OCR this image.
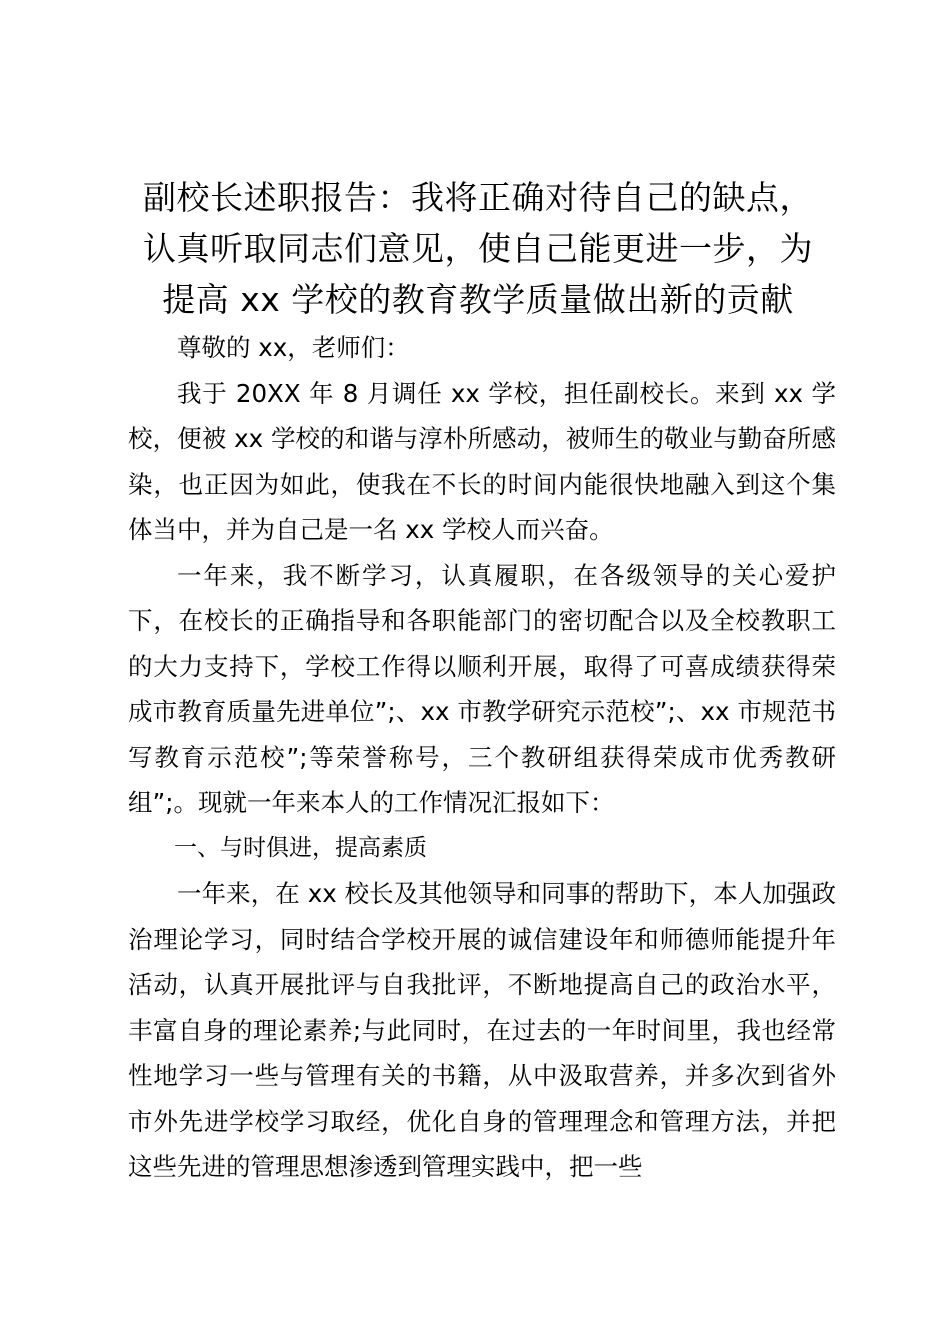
副校长述职报告：我将正确对待自己的缺点，
认真听取同志们意见，使自己能更进一步，为
提高 xx 学校的教育教学质量做出新的贡献

尊敬的 xx，老师们：

我于 20XX 年 8 月调任 xx 学校，担任副校长。来到 xx 学校，便被 xx 学校的和谐与淳朴所感动，被师生的敬业与勤奋所感染，也正因为如此，使我在不长的时间内能很快地融入到这个集体当中，并为自己是一名 xx 学校人而兴奋。

一年来，我不断学习，认真履职，在各级领导的关心爱护下，在校长的正确指导和各职能部门的密切配合以及全校教职工的大力支持下，学校工作得以顺利开展，取得了可喜成绩获得荣成市教育质量先进单位”;、xx 市教学研究示范校”;、xx 市规范书写教育示范校”;等荣誉称号，三个教研组获得荣成市优秀教研组”;。现就一年来本人的工作情况汇报如下：

一、与时俱进，提高素质

一年来，在 xx 校长及其他领导和同事的帮助下，本人加强政治理论学习，同时结合学校开展的诚信建设年和师德师能提升年活动，认真开展批评与自我批评，不断地提高自己的政治水平，丰富自身的理论素养;与此同时，在过去的一年时间里，我也经常性地学习一些与管理有关的书籍，从中汲取营养，并多次到省外市外先进学校学习取经，优化自身的管理理念和管理方法，并把这些先进的管理思想渗透到管理实践中，把一些
